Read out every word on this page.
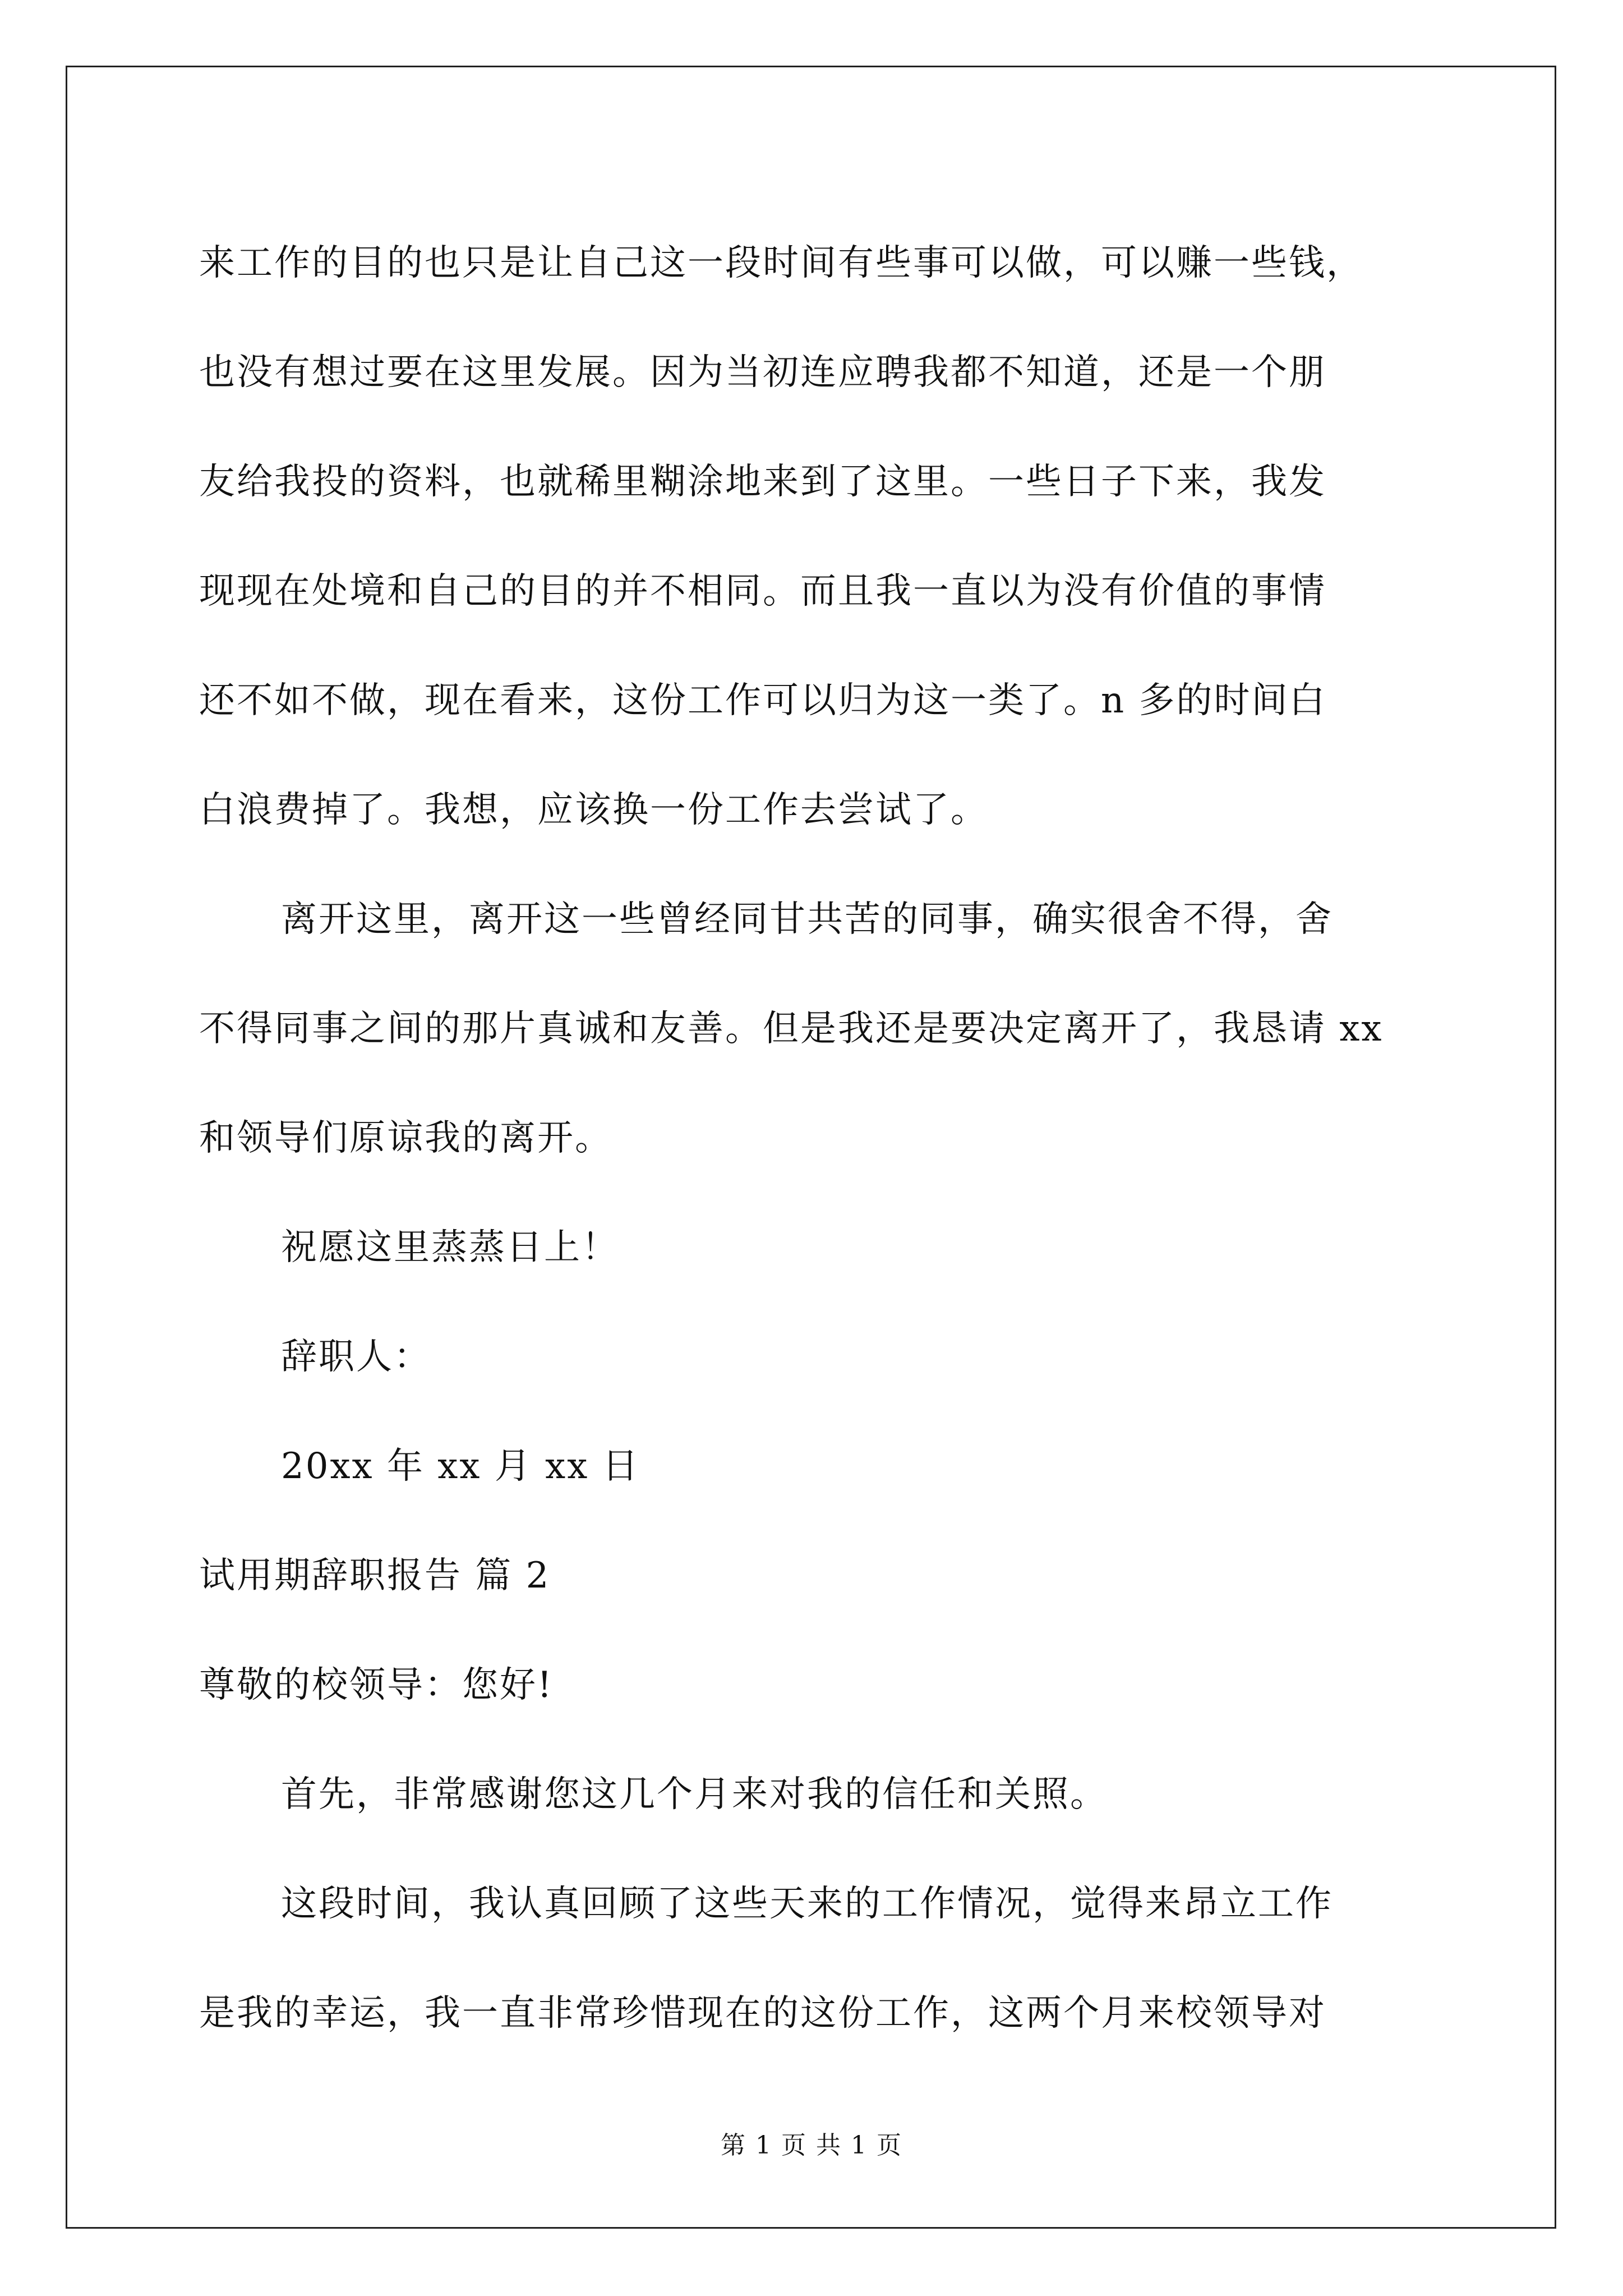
来工作的目的也只是让自己这一段时间有些事可以做，可以赚一些钱，
也没有想过要在这里发展。因为当初连应聘我都不知道，还是一个朋
友给我投的资料，也就稀里糊涂地来到了这里。一些日子下来，我发
现现在处境和自己的目的并不相同。而且我一直以为没有价值的事情
还不如不做，现在看来，这份工作可以归为这一类了。n 多的时间白
白浪费掉了。我想，应该换一份工作去尝试了。
离开这里，离开这一些曾经同甘共苦的同事，确实很舍不得，舍
不得同事之间的那片真诚和友善。但是我还是要决定离开了，我恳请 xx
和领导们原谅我的离开。
祝愿这里蒸蒸日上！
辞职人：
20xx 年 xx 月 xx 日
试用期辞职报告 篇 2
尊敬的校领导：您好!
首先，非常感谢您这几个月来对我的信任和关照。
这段时间，我认真回顾了这些天来的工作情况，觉得来昂立工作
是我的幸运，我一直非常珍惜现在的这份工作，这两个月来校领导对
第 1 页 共 1 页
